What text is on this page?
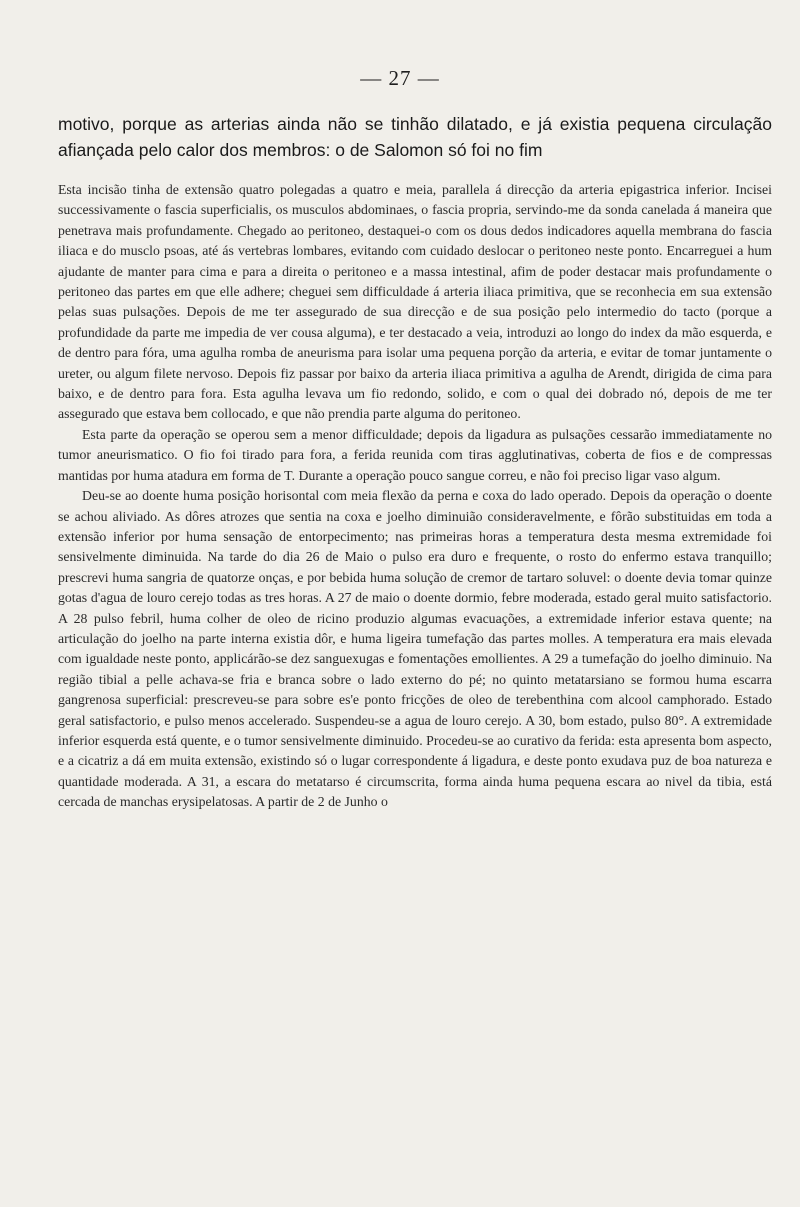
— 27 —
motivo, porque as arterias ainda não se tinhão dilatado, e já existia pequena circulação afiançada pelo calor dos membros: o de Salomon só foi no fim

Esta incisão tinha de extensão quatro polegadas a quatro e meia, parallela á direcção da arteria epigastrica inferior. Incisei successivamente o fascia superficialis, os musculos abdominaes, o fascia propria, servindo-me da sonda canelada á maneira que penetrava mais profundamente. Chegado ao peritoneo, destaquei-o com os dous dedos indicadores aquella membrana do fascia iliaca e do musclo psoas, até ás vertebras lombares, evitando com cuidado deslocar o peritoneo neste ponto. Encarreguei a hum ajudante de manter para cima e para a direita o peritoneo e a massa intestinal, afim de poder destacar mais profundamente o peritoneo das partes em que elle adhere; cheguei sem difficuldade á arteria iliaca primitiva, que se reconhecia em sua extensão pelas suas pulsações. Depois de me ter assegurado de sua direcção e de sua posição pelo intermedio do tacto (porque a profundidade da parte me impedia de ver cousa alguma), e ter destacado a veia, introduzi ao longo do index da mão esquerda, e de dentro para fóra, uma agulha romba de aneurisma para isolar uma pequena porção da arteria, e evitar de tomar juntamente o ureter, ou algum filete nervoso. Depois fiz passar por baixo da arteria iliaca primitiva a agulha de Arendt, dirigida de cima para baixo, e de dentro para fora. Esta agulha levava um fio redondo, solido, e com o qual dei dobrado nó, depois de me ter assegurado que estava bem collocado, e que não prendia parte alguma do peritoneo.

Esta parte da operação se operou sem a menor difficuldade; depois da ligadura as pulsações cessarão immediatamente no tumor aneurismatico. O fio foi tirado para fora, a ferida reunida com tiras agglutinativas, coberta de fios e de compressas mantidas por huma atadura em forma de T. Durante a operação pouco sangue correu, e não foi preciso ligar vaso algum.

Deu-se ao doente huma posição horisontal com meia flexão da perna e coxa do lado operado. Depois da operação o doente se achou aliviado. As dôres atrozes que sentia na coxa e joelho diminuião consideravelmente, e fôrão substituidas em toda a extensão inferior por huma sensação de entorpecimento; nas primeiras horas a temperatura desta mesma extremidade foi sensivelmente diminuida. Na tarde do dia 26 de Maio o pulso era duro e frequente, o rosto do enfermo estava tranquillo; prescrevi huma sangria de quatorze onças, e por bebida huma solução de cremor de tartaro soluvel: o doente devia tomar quinze gotas d'agua de louro cerejo todas as tres horas. A 27 de maio o doente dormio, febre moderada, estado geral muito satisfactorio. A 28 pulso febril, huma colher de oleo de ricino produzio algumas evacuações, a extremidade inferior estava quente; na articulação do joelho na parte interna existia dôr, e huma ligeira tumefação das partes molles. A temperatura era mais elevada com igualdade neste ponto, applicárão-se dez sanguexugas e fomentações emollientes. A 29 a tumefação do joelho diminuio. Na região tibial a pelle achava-se fria e branca sobre o lado externo do pé; no quinto metatarsiano se formou huma escarra gangrenosa superficial: prescreveu-se para sobre es'e ponto fricções de oleo de terebenthina com alcool camphorado. Estado geral satisfactorio, e pulso menos accelerado. Suspendeu-se a agua de louro cerejo. A 30, bom estado, pulso 80°. A extremidade inferior esquerda está quente, e o tumor sensivelmente diminuido. Procedeu-se ao curativo da ferida: esta apresenta bom aspecto, e a cicatriz a dá em muita extensão, existindo só o lugar correspondente á ligadura, e deste ponto exudava puz de boa natureza e quantidade moderada. A 31, a escara do metatarso é circumscrita, forma ainda huma pequena escara ao nivel da tibia, está cercada de manchas erysipelatosas. A partir de 2 de Junho o
